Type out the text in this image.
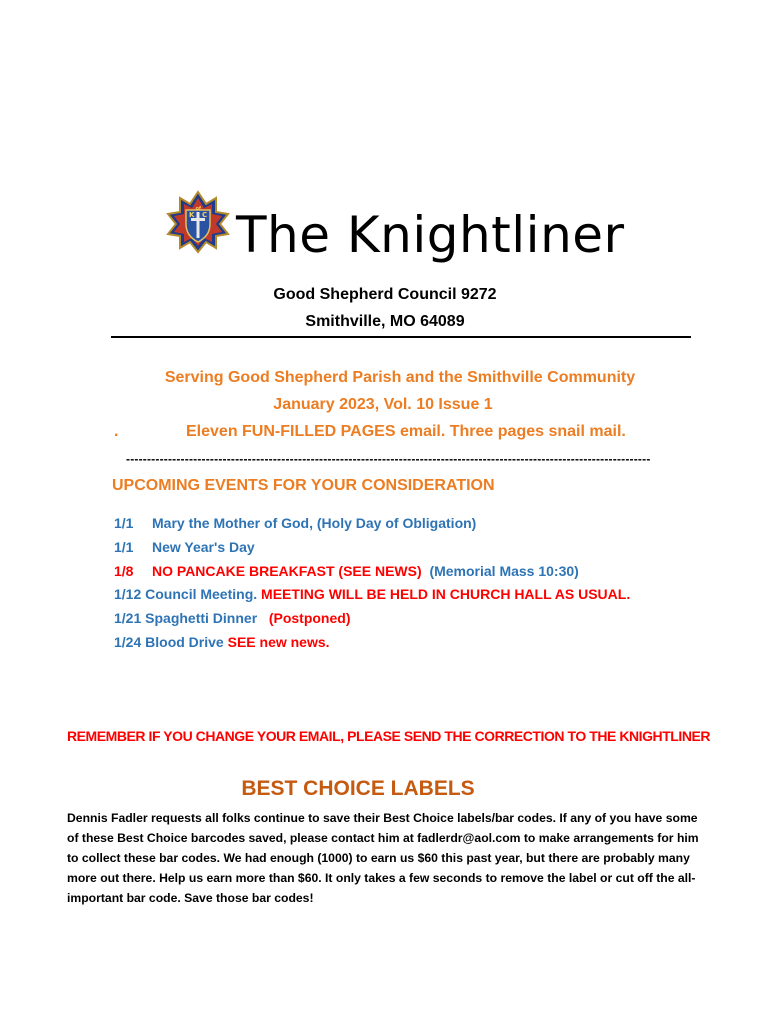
K C
of The Knightliner
Good Shepherd Council 9272
Smithville, MO 64089
Serving Good Shepherd Parish and the Smithville Community
January 2023, Vol. 10 Issue 1
.	Eleven FUN-FILLED PAGES email. Three pages snail mail.
-----------------------------------------------------------------------------------------------------------------------------
UPCOMING EVENTS FOR YOUR CONSIDERATION
1/1 Mary the Mother of God, (Holy Day of Obligation)
1/1 New Year's Day
1/8 NO PANCAKE BREAKFAST (SEE NEWS) (Memorial Mass 10:30)
1/12 Council Meeting. MEETING WILL BE HELD IN CHURCH HALL AS USUAL.
1/21 Spaghetti Dinner (Postponed)
1/24 Blood Drive SEE new news.
REMEMBER IF YOU CHANGE YOUR EMAIL, PLEASE SEND THE CORRECTION TO THE KNIGHTLINER
BEST CHOICE LABELS
Dennis Fadler requests all folks continue to save their Best Choice labels/bar codes. If any of you have some of these Best Choice barcodes saved, please contact him at fadlerdr@aol.com to make arrangements for him to collect these bar codes. We had enough (1000) to earn us $60 this past year, but there are probably many more out there. Help us earn more than $60. It only takes a few seconds to remove the label or cut off the all-important bar code. Save those bar codes!
